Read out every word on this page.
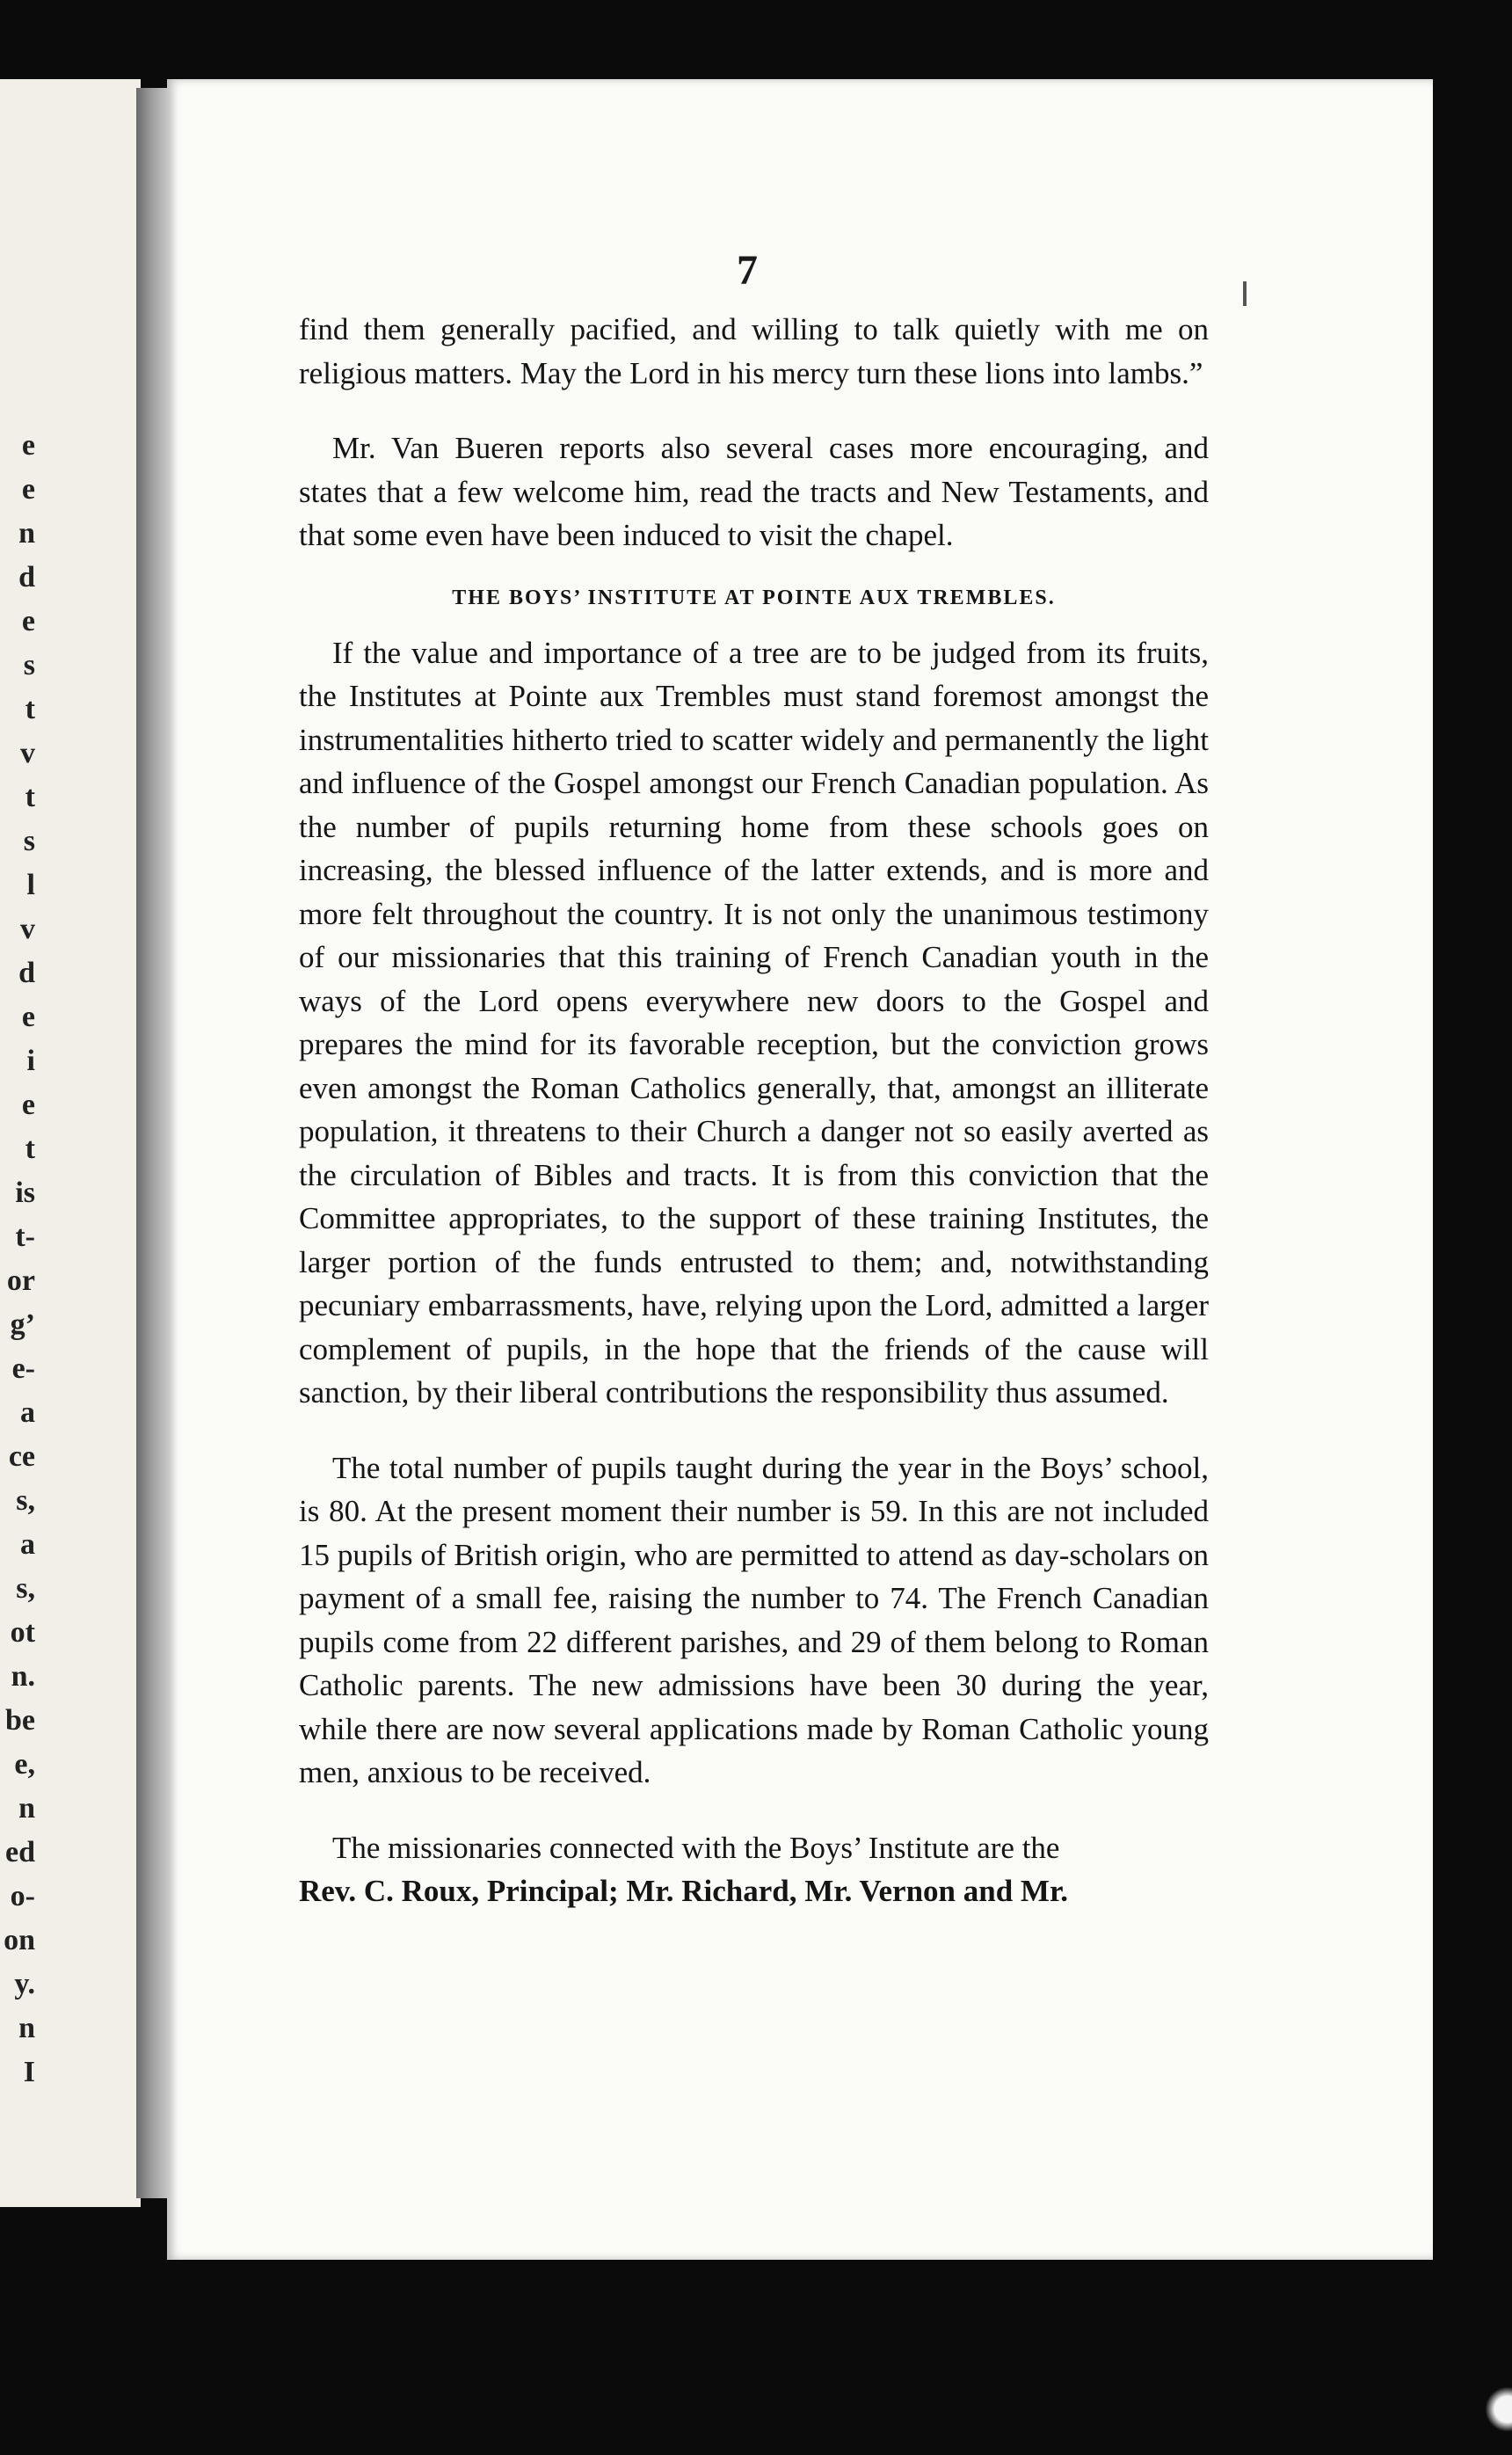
e
e
n
d
e
s
t
v
t
s
l
v
d
e
i
e
t
is
t-
or
g’
e-
a
ce
s,
a
s,
ot
n.
be
e,
n
ed
o-
on
y.
n
I
7

find them generally pacified, and willing to talk quietly with me on religious matters. May the Lord in his mercy turn these lions into lambs.”

Mr. Van Bueren reports also several cases more encouraging, and states that a few welcome him, read the tracts and New Testaments, and that some even have been induced to visit the chapel.

THE BOYS’ INSTITUTE AT POINTE AUX TREMBLES.

If the value and importance of a tree are to be judged from its fruits, the Institutes at Pointe aux Trembles must stand foremost amongst the instrumentalities hitherto tried to scatter widely and permanently the light and influence of the Gospel amongst our French Canadian population. As the number of pupils returning home from these schools goes on increasing, the blessed influence of the latter extends, and is more and more felt throughout the country. It is not only the unanimous testimony of our missionaries that this training of French Canadian youth in the ways of the Lord opens everywhere new doors to the Gospel and prepares the mind for its favorable reception, but the conviction grows even amongst the Roman Catholics generally, that, amongst an illiterate population, it threatens to their Church a danger not so easily averted as the circulation of Bibles and tracts. It is from this conviction that the Committee appropriates, to the support of these training Institutes, the larger portion of the funds entrusted to them; and, notwithstanding pecuniary embarrassments, have, relying upon the Lord, admitted a larger complement of pupils, in the hope that the friends of the cause will sanction, by their liberal contributions the responsibility thus assumed.

The total number of pupils taught during the year in the Boys’ school, is 80. At the present moment their number is 59. In this are not included 15 pupils of British origin, who are permitted to attend as day-scholars on payment of a small fee, raising the number to 74. The French Canadian pupils come from 22 different parishes, and 29 of them belong to Roman Catholic parents. The new admissions have been 30 during the year, while there are now several applications made by Roman Catholic young men, anxious to be received.

The missionaries connected with the Boys’ Institute are the

Rev. C. Roux, Principal; Mr. Richard, Mr. Vernon and Mr.
